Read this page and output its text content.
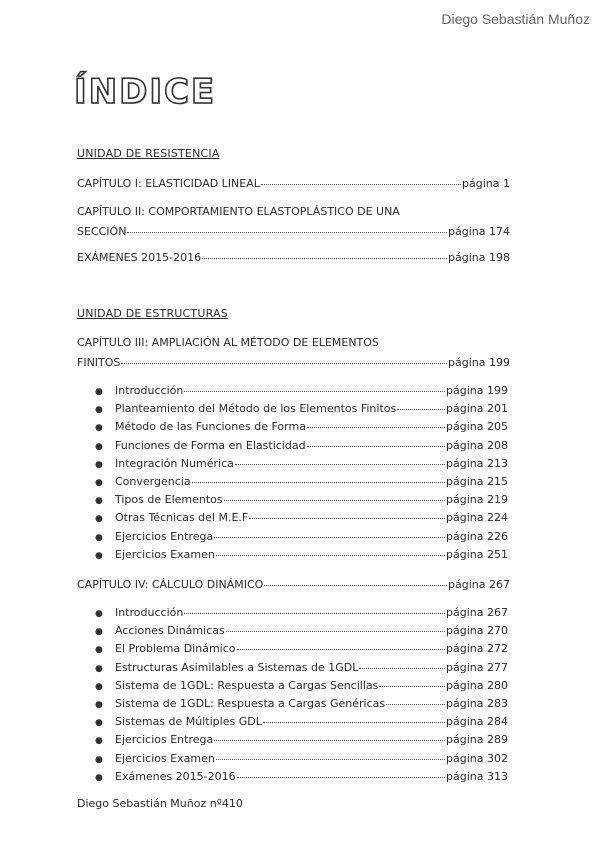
Diego Sebastián Muñoz
ÍNDICE
UNIDAD DE RESISTENCIA
CAPÍTULO I: ELASTICIDAD LINEAL	página 1
CAPÍTULO II: COMPORTAMIENTO ELASTOPLÁSTICO DE UNA
SECCIÓN	página 174
EXÁMENES 2015-2016	página 198
UNIDAD DE ESTRUCTURAS
CAPÍTULO III: AMPLIACIÓN AL MÉTODO DE ELEMENTOS
FINITOS	página 199
●	Introducción	página 199
●	Planteamiento del Método de los Elementos Finitos	página 201
●	Método de las Funciones de Forma	página 205
●	Funciones de Forma en Elasticidad	página 208
●	Integración Numérica	página 213
●	Convergencia	página 215
●	Tipos de Elementos	página 219
●	Otras Técnicas del M.E.F	página 224
●	Ejercicios Entrega	página 226
●	Ejercicios Examen	página 251
CAPÍTULO IV: CÁLCULO DINÁMICO	página 267
●	Introducción	página 267
●	Acciones Dinámicas	página 270
●	El Problema Dinámico	página 272
●	Estructuras Asimilables a Sistemas de 1GDL	página 277
●	Sistema de 1GDL: Respuesta a Cargas Sencillas	página 280
●	Sistema de 1GDL: Respuesta a Cargas Genéricas	página 283
●	Sistemas de Múltiples GDL	página 284
●	Ejercicios Entrega	página 289
●	Ejercicios Examen	página 302
●	Exámenes 2015-2016	página 313
Diego Sebastián Muñoz nº410
